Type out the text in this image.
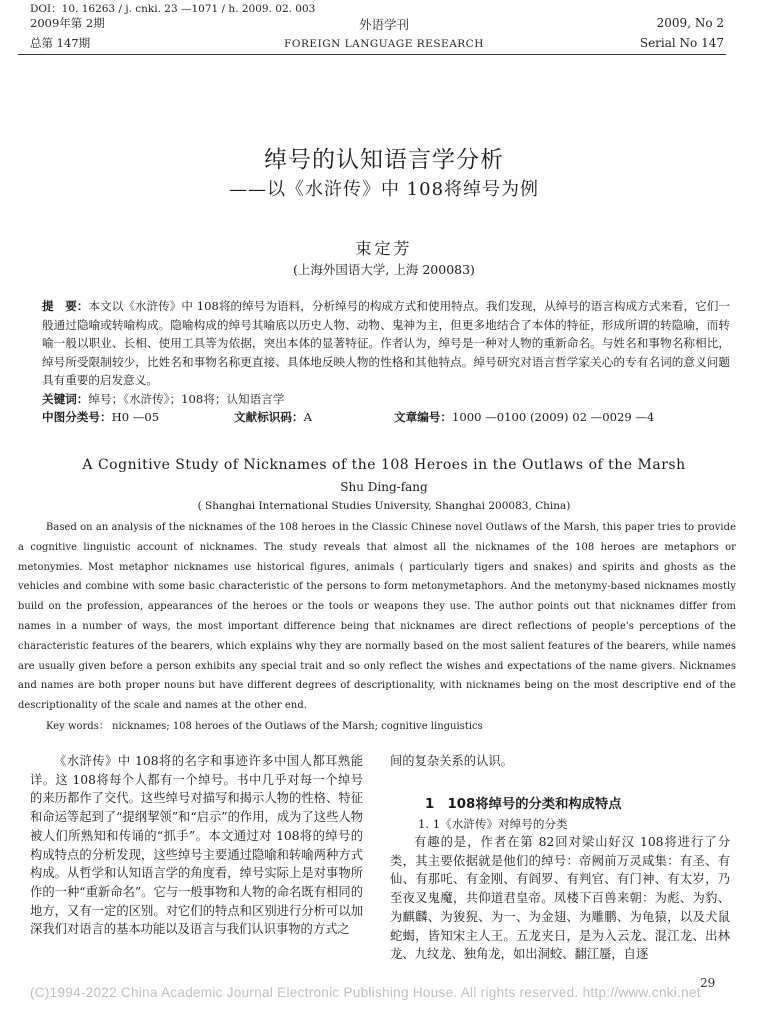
DOI：10. 16263 / j. cnki. 23 —1071 / h. 2009. 02. 003
2009年第 2期
总第 147期
外语学刊
FOREIGN LANGUAGE RESEARCH
2009, No 2
Serial No 147
绰号的认知语言学分析
——以《水浒传》中 108将绰号为例
束定芳
(上海外国语大学, 上海 200083)
提　要：本文以《水浒传》中 108将的绰号为语料，分析绰号的构成方式和使用特点。我们发现，从绰号的语言构成方式来看，它们一般通过隐喻或转喻构成。隐喻构成的绰号其喻底以历史人物、动物、鬼神为主，但更多地结合了本体的特征，形成所谓的转隐喻，而转喻一般以职业、长相、使用工具等为依据，突出本体的显著特征。作者认为，绰号是一种对人物的重新命名。与姓名和事物名称相比，绰号所受限制较少，比姓名和事物名称更直接、具体地反映人物的性格和其他特点。绰号研究对语言哲学家关心的专有名词的意义问题具有重要的启发意义。
关键词：绰号；《水浒传》；108将；认知语言学
中图分类号：H0 —05	文献标识码：A	文章编号：1000 —0100 (2009) 02 —0029 —4
A Cognitive Study of Nicknames of the 108 Heroes in the Outlaws of the Marsh
Shu Ding-fang
( Shanghai International Studies University, Shanghai 200083, China)
Based on an analysis of the nicknames of the 108 heroes in the Classic Chinese novel Outlaws of the Marsh, this paper tries to provide a cognitive linguistic account of nicknames. The study reveals that almost all the nicknames of the 108 heroes are metaphors or metonymies. Most metaphor nicknames use historical figures, animals ( particularly tigers and snakes) and spirits and ghosts as the vehicles and combine with some basic characteristic of the persons to form metonymetaphors. And the metonymy-based nicknames mostly build on the profession, appearances of the heroes or the tools or weapons they use. The author points out that nicknames differ from names in a number of ways, the most important difference being that nicknames are direct reflections of people's perceptions of the characteristic features of the bearers, which explains why they are normally based on the most salient features of the bearers, while names are usually given before a person exhibits any special trait and so only reflect the wishes and expectations of the name givers. Nicknames and names are both proper nouns but have different degrees of descriptionality, with nicknames being on the most descriptive end of the descriptionality of the scale and names at the other end.
Key words： nicknames; 108 heroes of the Outlaws of the Marsh; cognitive linguistics
《水浒传》中 108将的名字和事迹许多中国人都耳熟能详。这 108将每个人都有一个绰号。书中几乎对每一个绰号的来历都作了交代。这些绰号对描写和揭示人物的性格、特征和命运等起到了“提纲挈领”和“启示”的作用，成为了这些人物被人们所熟知和传诵的“抓手”。本文通过对 108将的绰号的构成特点的分析发现，这些绰号主要通过隐喻和转喻两种方式构成。从哲学和认知语言学的角度看，绰号实际上是对事物所作的一种“重新命名”。它与一般事物和人物的命名既有相同的地方，又有一定的区别。对它们的特点和区别进行分析可以加深我们对语言的基本功能以及语言与我们认识事物的方式之
间的复杂关系的认识。
1　108将绰号的分类和构成特点
1. 1《水浒传》对绰号的分类
有趣的是，作者在第 82回对梁山好汉 108将进行了分类，其主要依据就是他们的绰号：帝阙前万灵咸集：有圣、有仙、有那吒、有金刚、有阎罗、有判官、有门神、有太岁，乃至夜叉鬼魔，共仰道君皇帝。凤楼下百兽来朝：为彪、为豹、为麒麟、为狻猊、为一、为金翅、为雕鹏、为龟猿，以及犬鼠蛇蝎，皆知宋主人王。五龙夹日，是为入云龙、混江龙、出林龙、九纹龙、独角龙，如出洞蛟、翻江蜃，自逐
29
(C)1994-2022 China Academic Journal Electronic Publishing House. All rights reserved. http://www.cnki.net
